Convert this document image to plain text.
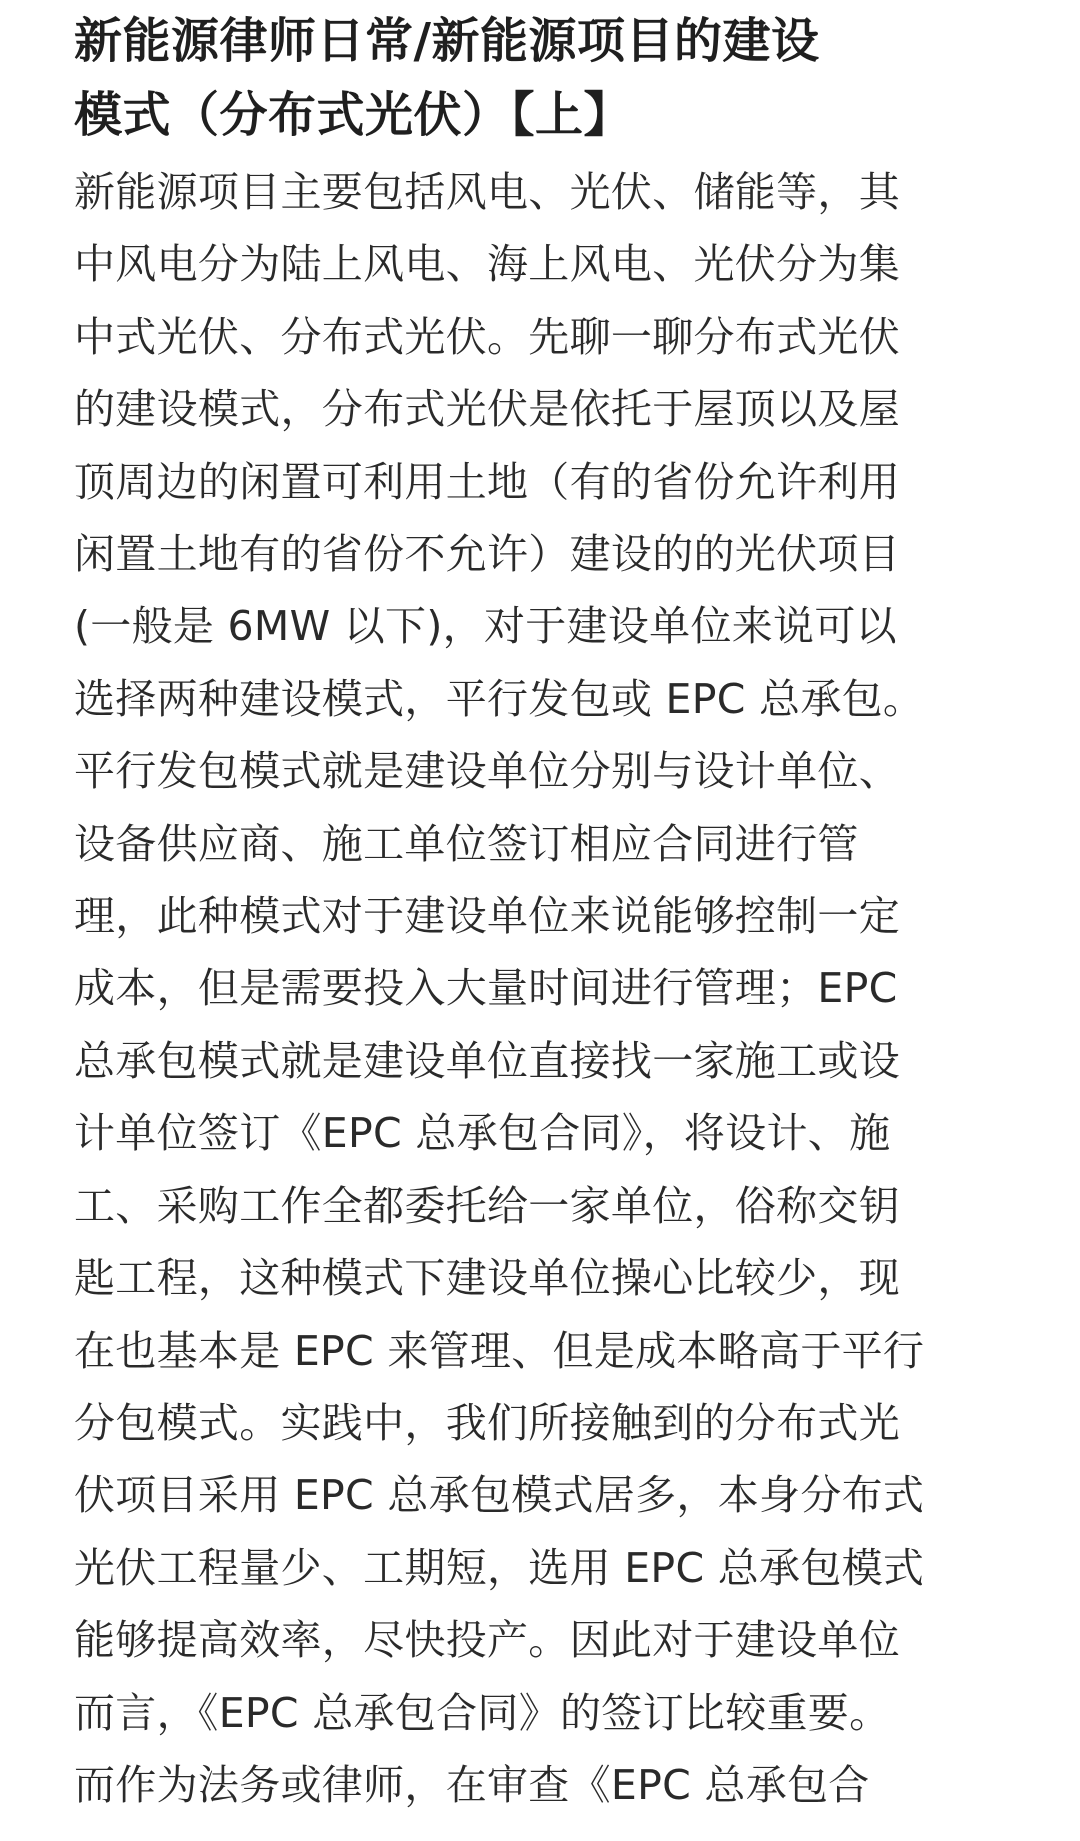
新能源律师日常/新能源项目的建设
模式（分布式光伏）【上】
新能源项目主要包括风电、光伏、储能等，其
中风电分为陆上风电、海上风电、光伏分为集
中式光伏、分布式光伏。先聊一聊分布式光伏
的建设模式，分布式光伏是依托于屋顶以及屋
顶周边的闲置可利用土地（有的省份允许利用
闲置土地有的省份不允许）建设的的光伏项目
(一般是 6MW 以下)，对于建设单位来说可以
选择两种建设模式，平行发包或 EPC 总承包。
平行发包模式就是建设单位分别与设计单位、
设备供应商、施工单位签订相应合同进行管
理，此种模式对于建设单位来说能够控制一定
成本，但是需要投入大量时间进行管理；EPC
总承包模式就是建设单位直接找一家施工或设
计单位签订《EPC 总承包合同》，将设计、施
工、采购工作全都委托给一家单位，俗称交钥
匙工程，这种模式下建设单位操心比较少，现
在也基本是 EPC 来管理、但是成本略高于平行
分包模式。实践中，我们所接触到的分布式光
伏项目采用 EPC 总承包模式居多，本身分布式
光伏工程量少、工期短，选用 EPC 总承包模式
能够提高效率，尽快投产。因此对于建设单位
而言，《EPC 总承包合同》的签订比较重要。
而作为法务或律师，在审查《EPC 总承包合
